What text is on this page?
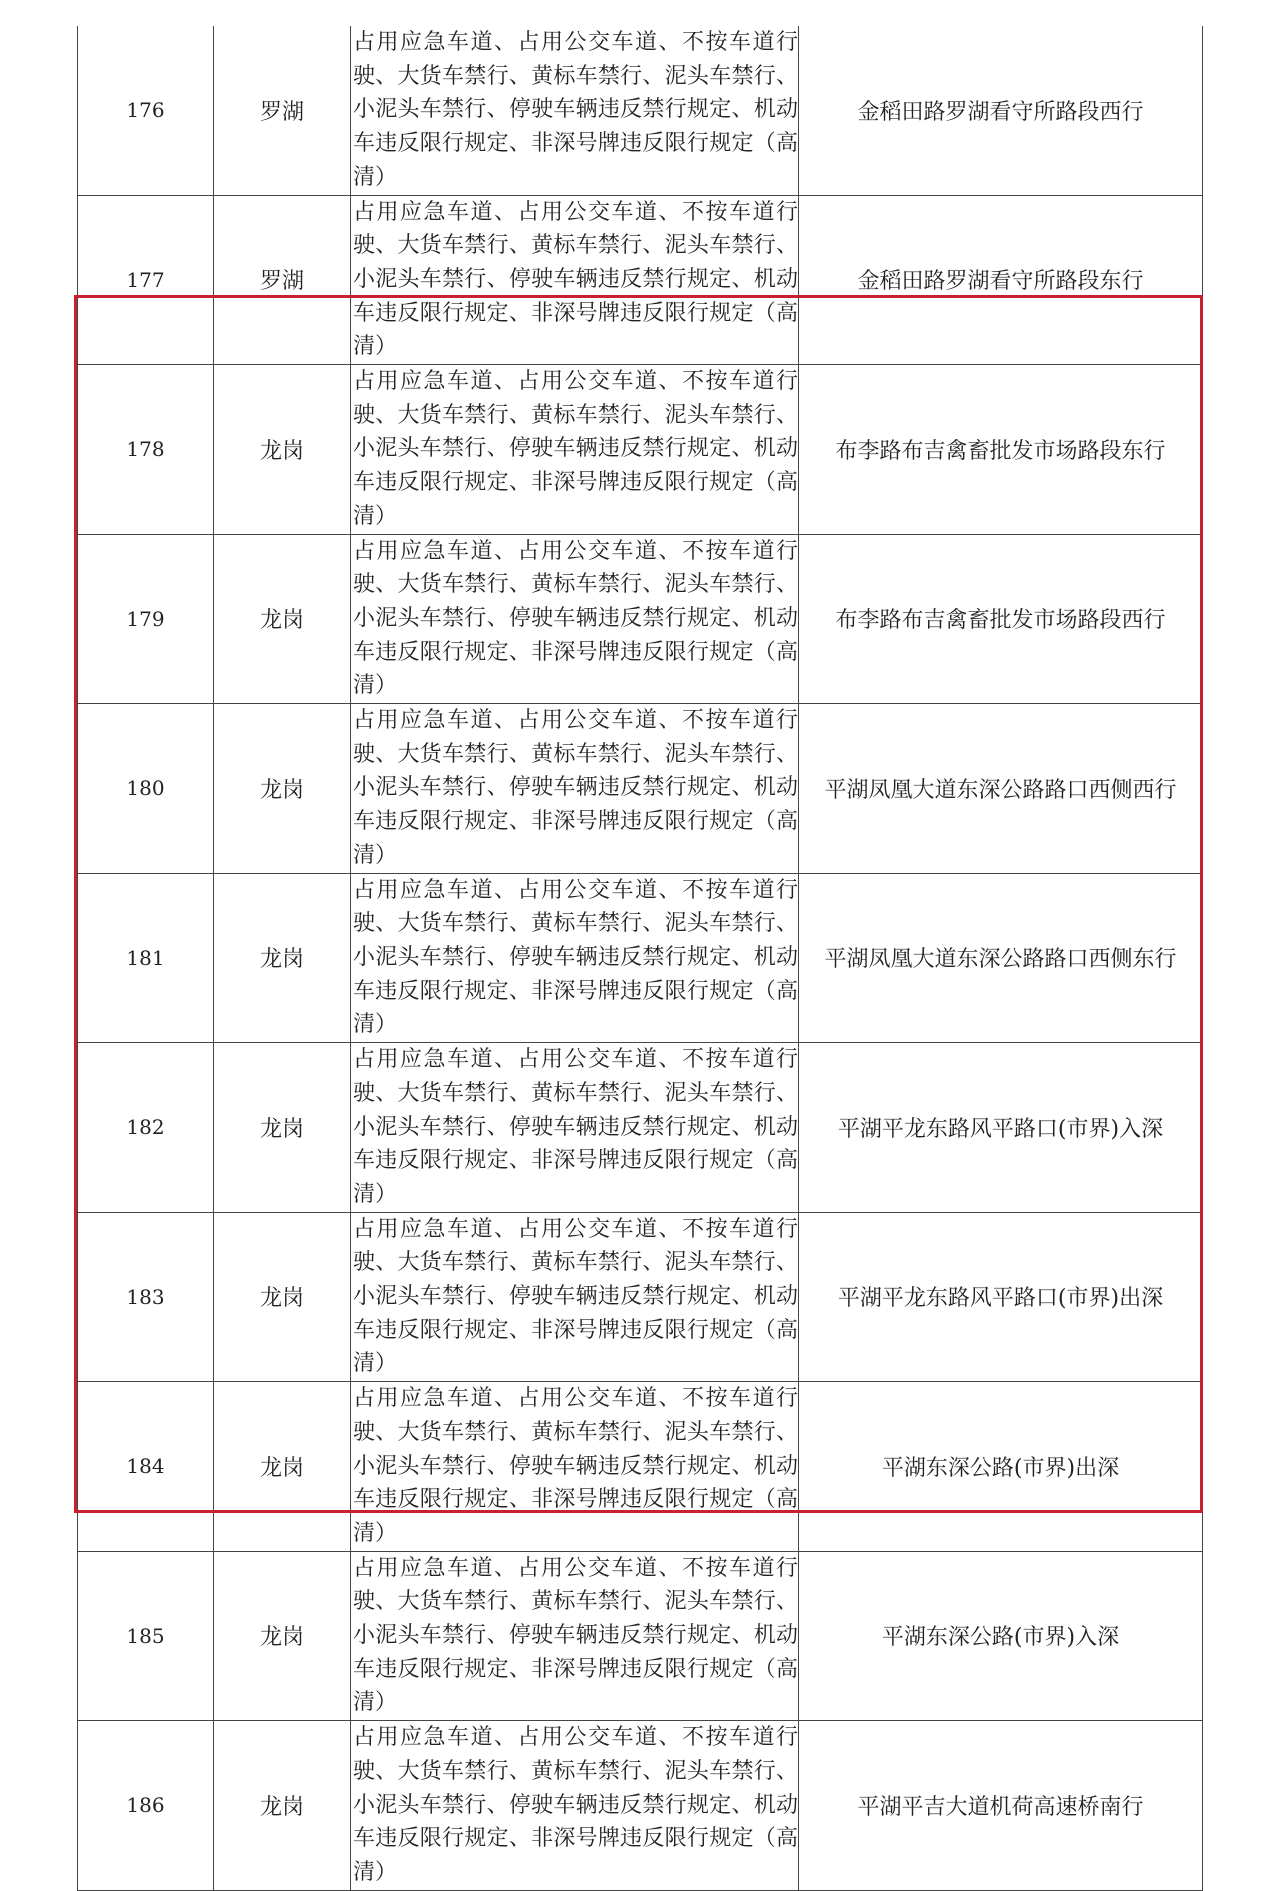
176	罗湖	占用应急车道、占用公交车道、不按车道行驶、大货车禁行、黄标车禁行、泥头车禁行、小泥头车禁行、停驶车辆违反禁行规定、机动车违反限行规定、非深号牌违反限行规定（高清）	金稻田路罗湖看守所路段西行
177	罗湖	占用应急车道、占用公交车道、不按车道行驶、大货车禁行、黄标车禁行、泥头车禁行、小泥头车禁行、停驶车辆违反禁行规定、机动车违反限行规定、非深号牌违反限行规定（高清）	金稻田路罗湖看守所路段东行
178	龙岗	占用应急车道、占用公交车道、不按车道行驶、大货车禁行、黄标车禁行、泥头车禁行、小泥头车禁行、停驶车辆违反禁行规定、机动车违反限行规定、非深号牌违反限行规定（高清）	布李路布吉禽畜批发市场路段东行
179	龙岗	占用应急车道、占用公交车道、不按车道行驶、大货车禁行、黄标车禁行、泥头车禁行、小泥头车禁行、停驶车辆违反禁行规定、机动车违反限行规定、非深号牌违反限行规定（高清）	布李路布吉禽畜批发市场路段西行
180	龙岗	占用应急车道、占用公交车道、不按车道行驶、大货车禁行、黄标车禁行、泥头车禁行、小泥头车禁行、停驶车辆违反禁行规定、机动车违反限行规定、非深号牌违反限行规定（高清）	平湖凤凰大道东深公路路口西侧西行
181	龙岗	占用应急车道、占用公交车道、不按车道行驶、大货车禁行、黄标车禁行、泥头车禁行、小泥头车禁行、停驶车辆违反禁行规定、机动车违反限行规定、非深号牌违反限行规定（高清）	平湖凤凰大道东深公路路口西侧东行
182	龙岗	占用应急车道、占用公交车道、不按车道行驶、大货车禁行、黄标车禁行、泥头车禁行、小泥头车禁行、停驶车辆违反禁行规定、机动车违反限行规定、非深号牌违反限行规定（高清）	平湖平龙东路风平路口(市界)入深
183	龙岗	占用应急车道、占用公交车道、不按车道行驶、大货车禁行、黄标车禁行、泥头车禁行、小泥头车禁行、停驶车辆违反禁行规定、机动车违反限行规定、非深号牌违反限行规定（高清）	平湖平龙东路风平路口(市界)出深
184	龙岗	占用应急车道、占用公交车道、不按车道行驶、大货车禁行、黄标车禁行、泥头车禁行、小泥头车禁行、停驶车辆违反禁行规定、机动车违反限行规定、非深号牌违反限行规定（高清）	平湖东深公路(市界)出深
185	龙岗	占用应急车道、占用公交车道、不按车道行驶、大货车禁行、黄标车禁行、泥头车禁行、小泥头车禁行、停驶车辆违反禁行规定、机动车违反限行规定、非深号牌违反限行规定（高清）	平湖东深公路(市界)入深
186	龙岗	占用应急车道、占用公交车道、不按车道行驶、大货车禁行、黄标车禁行、泥头车禁行、小泥头车禁行、停驶车辆违反禁行规定、机动车违反限行规定、非深号牌违反限行规定（高清）	平湖平吉大道机荷高速桥南行
